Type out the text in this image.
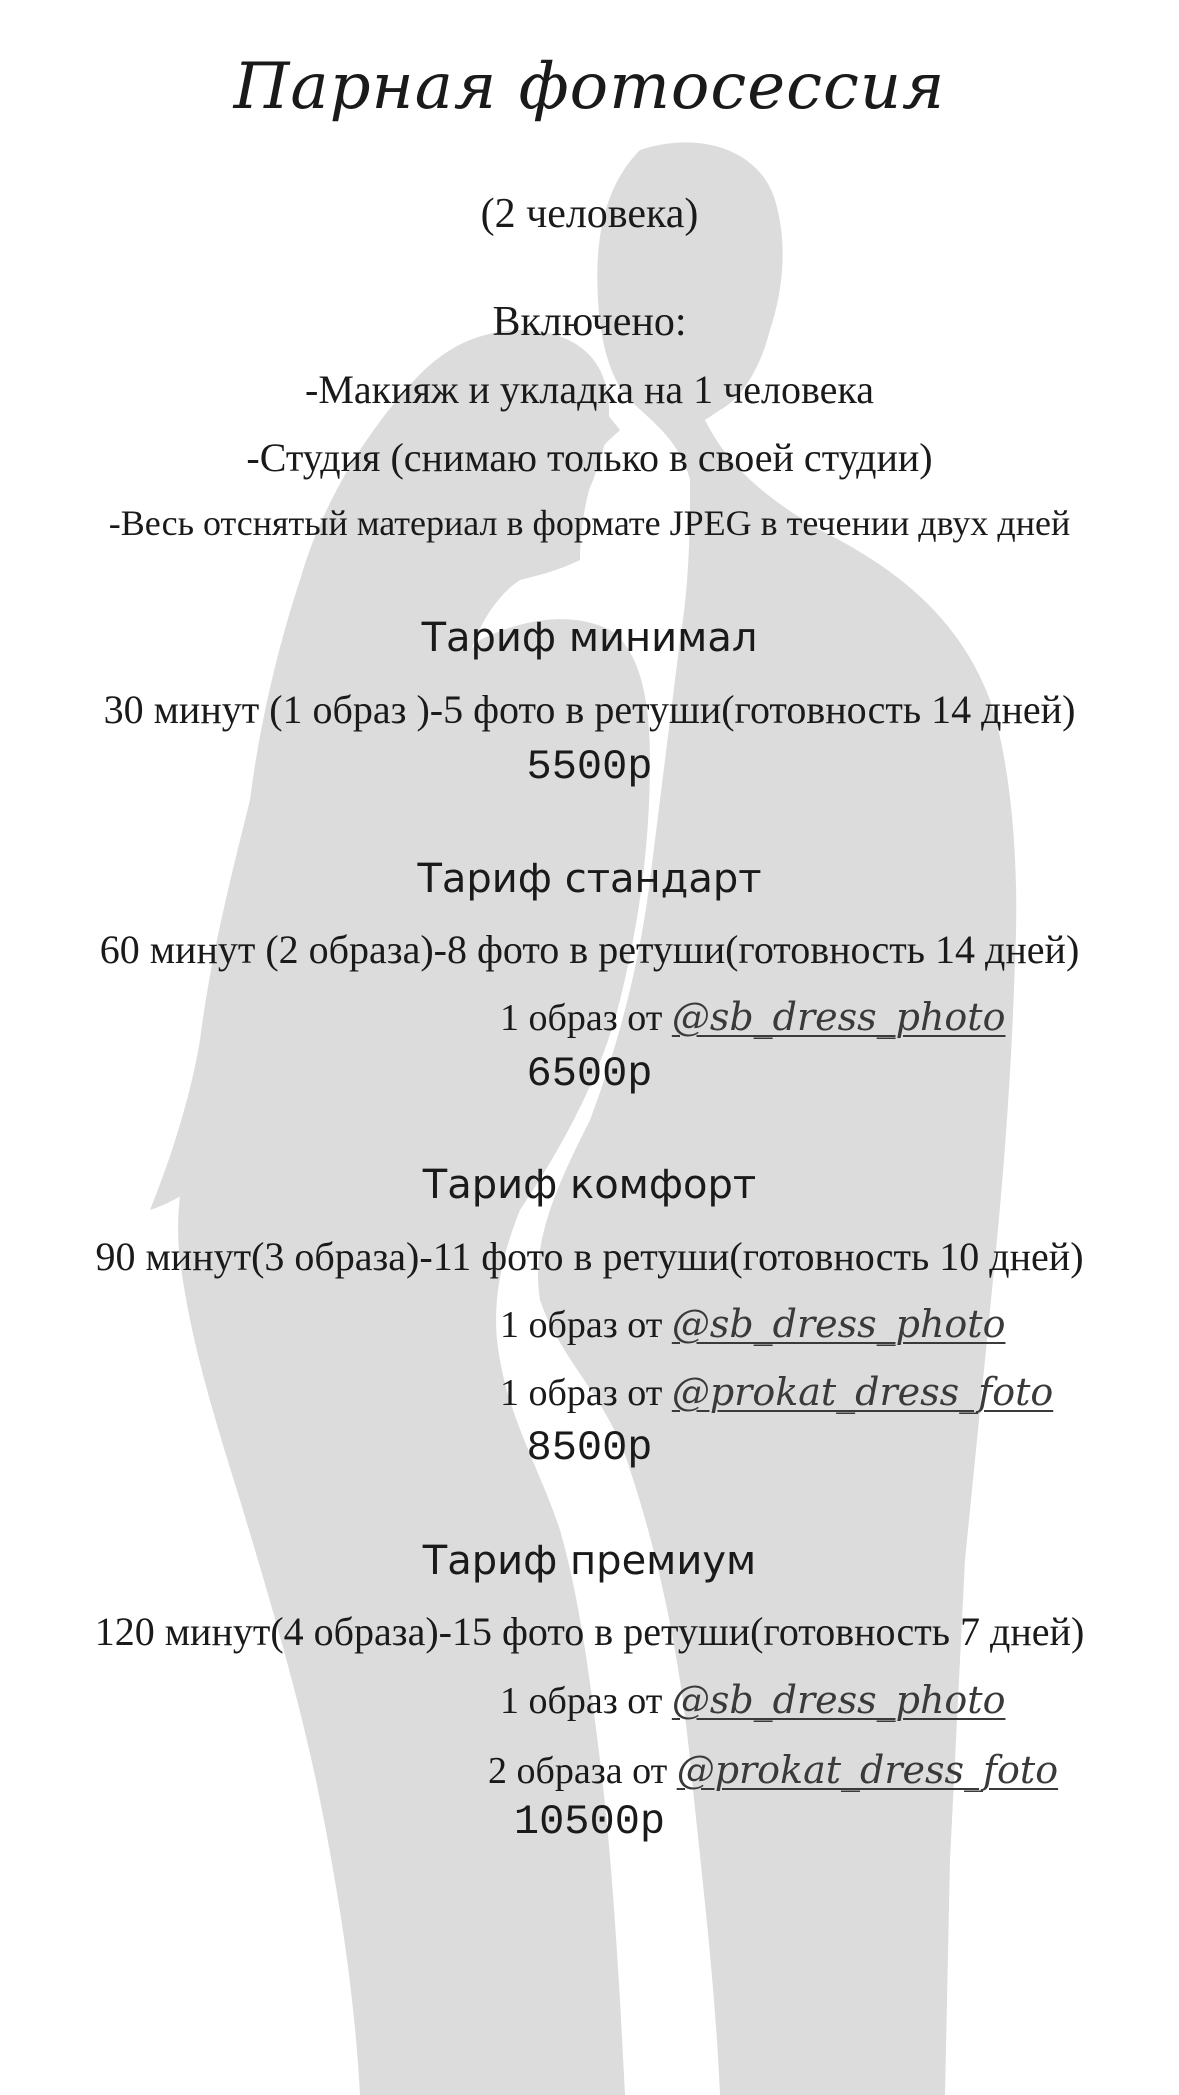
Парная фотосессия
(2 человека)
Включено:
-Макияж и укладка на 1 человека
-Студия (снимаю только в своей студии)
-Весь отснятый материал в формате JPEG в течении двух дней
Тариф минимал
30 минут (1 образ )-5 фото в ретуши(готовность 14 дней)
5500р
Тариф стандарт
60 минут (2 образа)-8 фото в ретуши(готовность 14 дней)
1 образ от @sb_dress_photo
6500р
Тариф комфорт
90 минут(3 образа)-11 фото в ретуши(готовность 10 дней)
1 образ от @sb_dress_photo
1 образ от @prokat_dress_foto
8500р
Тариф премиум
120 минут(4 образа)-15 фото в ретуши(готовность 7 дней)
1 образ от @sb_dress_photo
2 образа от @prokat_dress_foto
10500р
